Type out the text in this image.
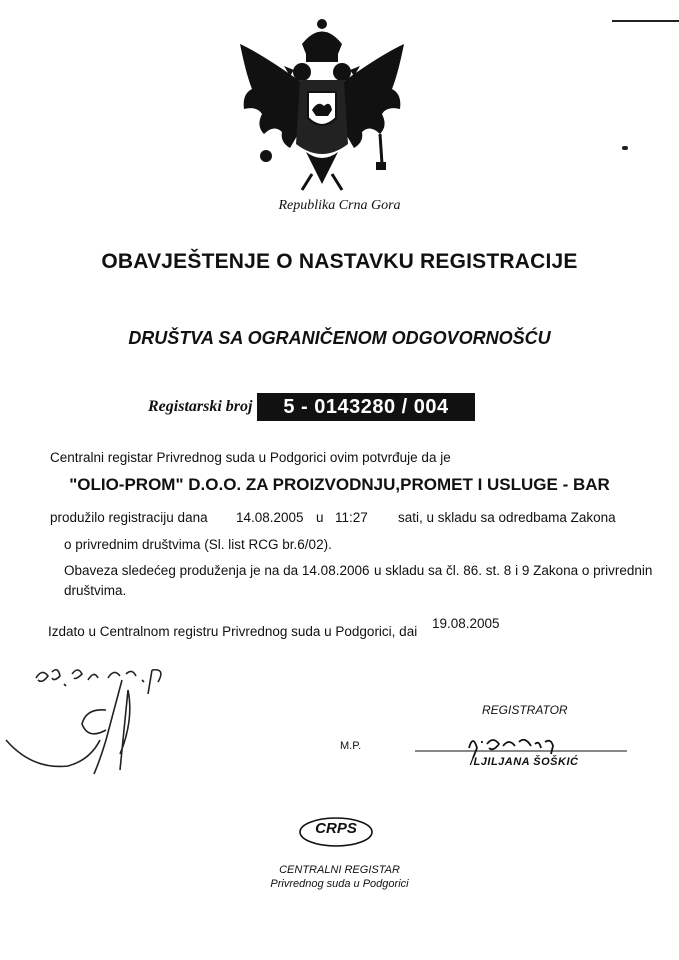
Republika Crna Gora
OBAVJEŠTENJE O NASTAVKU REGISTRACIJE
DRUŠTVA SA OGRANIČENOM ODGOVORNOŠĆU
Registarski broj	5 - 0143280 / 004
Centralni registar Privrednog suda u Podgorici ovim potvrđuje da je
"OLIO-PROM" D.O.O. ZA PROIZVODNJU,PROMET I USLUGE - BAR
produžilo registraciju dana 14.08.2005 u 11:27 sati, u skladu sa odredbama Zakona
o privrednim društvima (Sl. list RCG br.6/02).
Obaveza sledećeg produženja je na da 14.08.2006 u skladu sa čl. 86. st. 8 i 9 Zakona o privrednin
društvima.
Izdato u Centralnom registru Privrednog suda u Podgorici, dai
19.08.2005
REGISTRATOR
M.P.
/LJILJANA ŠOŠKIĆ
CRPS
CENTRALNI REGISTAR
Privrednog suda u Podgorici
